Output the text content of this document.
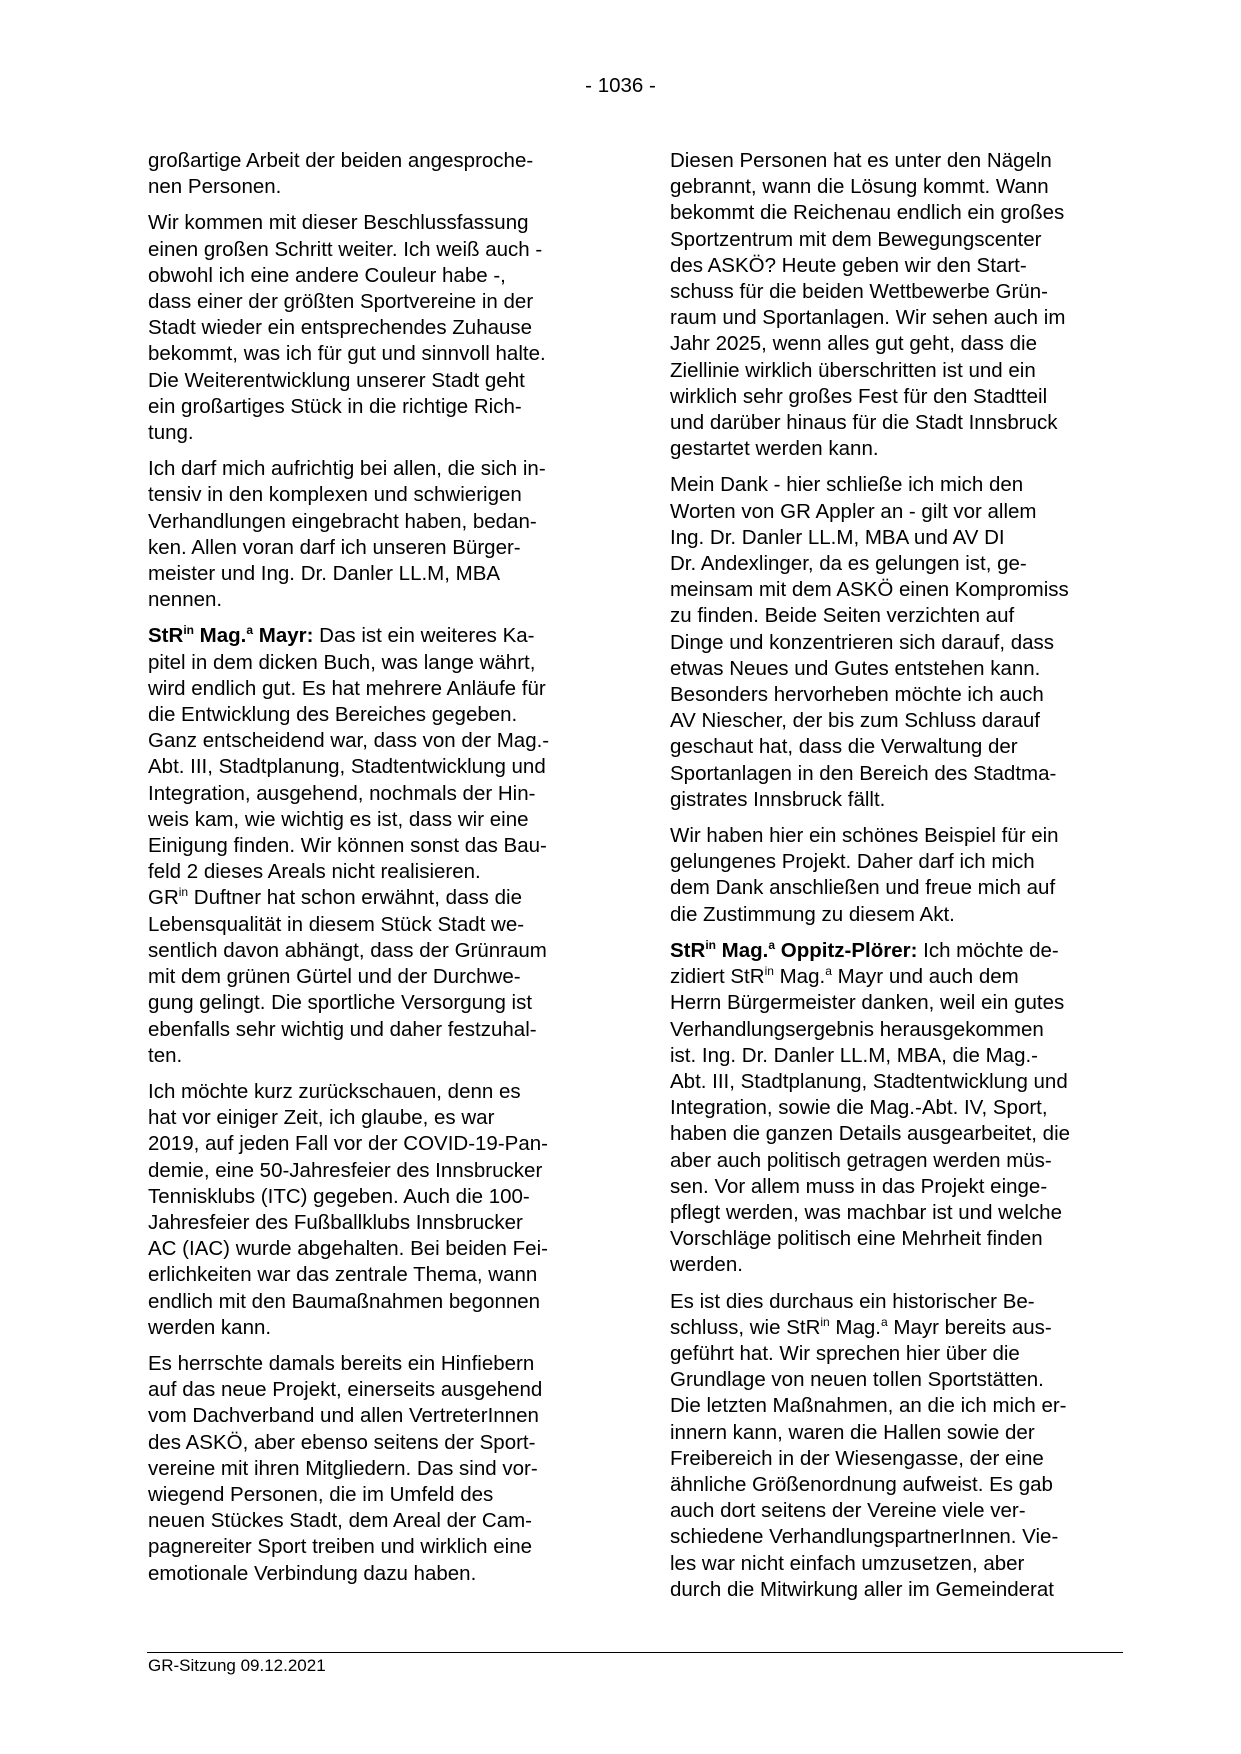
- 1036 -
großartige Arbeit der beiden angesproche-
nen Personen.
Wir kommen mit dieser Beschlussfassung
einen großen Schritt weiter. Ich weiß auch -
obwohl ich eine andere Couleur habe -,
dass einer der größten Sportvereine in der
Stadt wieder ein entsprechendes Zuhause
bekommt, was ich für gut und sinnvoll halte.
Die Weiterentwicklung unserer Stadt geht
ein großartiges Stück in die richtige Rich-
tung.
Ich darf mich aufrichtig bei allen, die sich in-
tensiv in den komplexen und schwierigen
Verhandlungen eingebracht haben, bedan-
ken. Allen voran darf ich unseren Bürger-
meister und Ing. Dr. Danler LL.M, MBA
nennen.
StR$^{in}$ Mag.$^a$ Mayr: Das ist ein weiteres Ka-
pitel in dem dicken Buch, was lange währt,
wird endlich gut. Es hat mehrere Anläufe für
die Entwicklung des Bereiches gegeben.
Ganz entscheidend war, dass von der Mag.-
Abt. III, Stadtplanung, Stadtentwicklung und
Integration, ausgehend, nochmals der Hin-
weis kam, wie wichtig es ist, dass wir eine
Einigung finden. Wir können sonst das Bau-
feld 2 dieses Areals nicht realisieren.
$GR^{in}$ Duftner hat schon erwähnt, dass die
Lebensqualität in diesem Stück Stadt we-
sentlich davon abhängt, dass der Grünraum
mit dem grünen Gürtel und der Durchwe-
gung gelingt. Die sportliche Versorgung ist
ebenfalls sehr wichtig und daher festzuhal-
ten.
Ich möchte kurz zurückschauen, denn es
hat vor einiger Zeit, ich glaube, es war
2019, auf jeden Fall vor der COVID-19-Pan-
demie, eine 50-Jahresfeier des Innsbrucker
Tennisklubs (ITC) gegeben. Auch die 100-
Jahresfeier des Fußballklubs Innsbrucker
AC (IAC) wurde abgehalten. Bei beiden Fei-
erlichkeiten war das zentrale Thema, wann
endlich mit den Baumaßnahmen begonnen
werden kann.
Es herrschte damals bereits ein Hinfiebern
auf das neue Projekt, einerseits ausgehend
vom Dachverband und allen VertreterInnen
des ASKÖ, aber ebenso seitens der Sport-
vereine mit ihren Mitgliedern. Das sind vor-
wiegend Personen, die im Umfeld des
neuen Stückes Stadt, dem Areal der Cam-
pagnereiter Sport treiben und wirklich eine
emotionale Verbindung dazu haben.
Diesen Personen hat es unter den Nägeln
gebrannt, wann die Lösung kommt. Wann
bekommt die Reichenau endlich ein großes
Sportzentrum mit dem Bewegungscenter
des ASKÖ? Heute geben wir den Start-
schuss für die beiden Wettbewerbe Grün-
raum und Sportanlagen. Wir sehen auch im
Jahr 2025, wenn alles gut geht, dass die
Ziellinie wirklich überschritten ist und ein
wirklich sehr großes Fest für den Stadtteil
und darüber hinaus für die Stadt Innsbruck
gestartet werden kann.
Mein Dank - hier schließe ich mich den
Worten von GR Appler an - gilt vor allem
Ing. Dr. Danler LL.M, MBA und AV DI
Dr. Andexlinger, da es gelungen ist, ge-
meinsam mit dem ASKÖ einen Kompromiss
zu finden. Beide Seiten verzichten auf
Dinge und konzentrieren sich darauf, dass
etwas Neues und Gutes entstehen kann.
Besonders hervorheben möchte ich auch
AV Niescher, der bis zum Schluss darauf
geschaut hat, dass die Verwaltung der
Sportanlagen in den Bereich des Stadtma-
gistrates Innsbruck fällt.
Wir haben hier ein schönes Beispiel für ein
gelungenes Projekt. Daher darf ich mich
dem Dank anschließen und freue mich auf
die Zustimmung zu diesem Akt.
StR$^{in}$ Mag.$^a$ Oppitz-Plörer: Ich möchte de-
zidiert StR$^{in}$ Mag.$^a$ Mayr und auch dem
Herrn Bürgermeister danken, weil ein gutes
Verhandlungsergebnis herausgekommen
ist. Ing. Dr. Danler LL.M, MBA, die Mag.-
Abt. III, Stadtplanung, Stadtentwicklung und
Integration, sowie die Mag.-Abt. IV, Sport,
haben die ganzen Details ausgearbeitet, die
aber auch politisch getragen werden müs-
sen. Vor allem muss in das Projekt einge-
pflegt werden, was machbar ist und welche
Vorschläge politisch eine Mehrheit finden
werden.
Es ist dies durchaus ein historischer Be-
schluss, wie StR$^{in}$ Mag.$^a$ Mayr bereits aus-
geführt hat. Wir sprechen hier über die
Grundlage von neuen tollen Sportstätten.
Die letzten Maßnahmen, an die ich mich er-
innern kann, waren die Hallen sowie der
Freibereich in der Wiesengasse, der eine
ähnliche Größenordnung aufweist. Es gab
auch dort seitens der Vereine viele ver-
schiedene VerhandlungspartnerInnen. Vie-
les war nicht einfach umzusetzen, aber
durch die Mitwirkung aller im Gemeinderat
GR-Sitzung 09.12.2021
